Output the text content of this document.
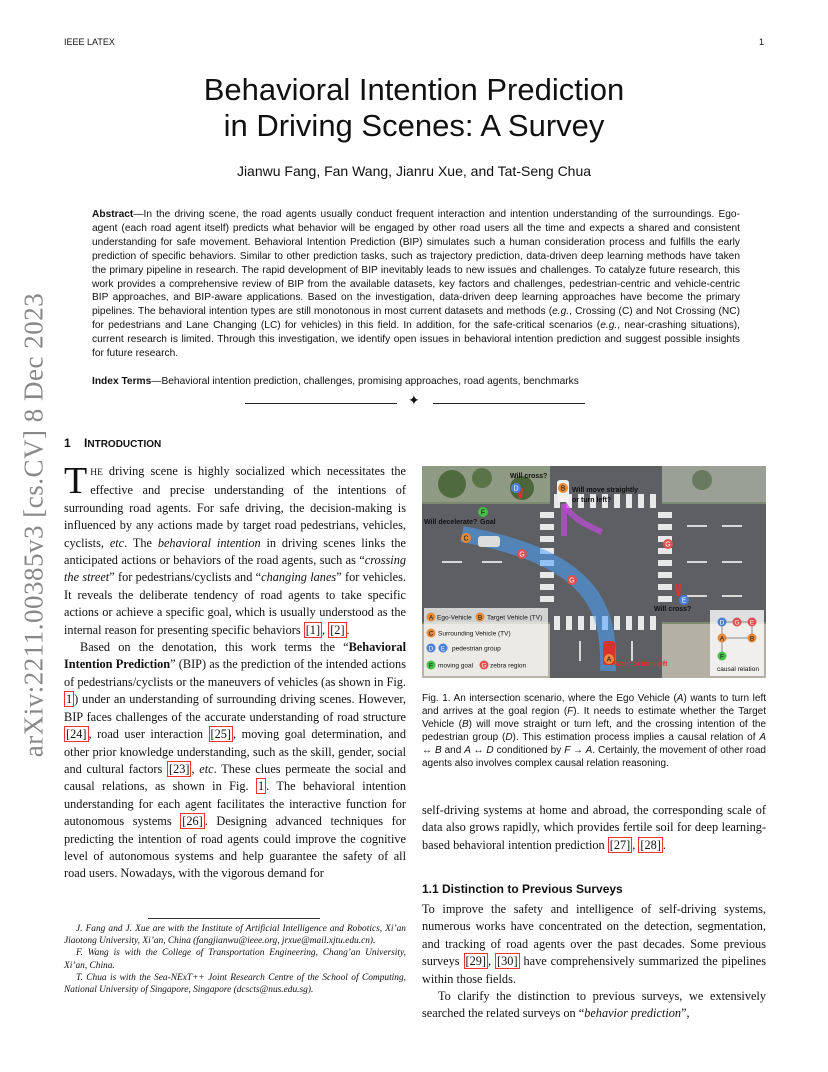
IEEE LATEX	1
arXiv:2211.00385v3 [cs.CV] 8 Dec 2023
Behavioral Intention Prediction
in Driving Scenes: A Survey
Jianwu Fang, Fan Wang, Jianru Xue, and Tat-Seng Chua
Abstract—In the driving scene, the road agents usually conduct frequent interaction and intention understanding of the surroundings. Ego-agent (each road agent itself) predicts what behavior will be engaged by other road users all the time and expects a shared and consistent understanding for safe movement. Behavioral Intention Prediction (BIP) simulates such a human consideration process and fulfills the early prediction of specific behaviors. Similar to other prediction tasks, such as trajectory prediction, data-driven deep learning methods have taken the primary pipeline in research. The rapid development of BIP inevitably leads to new issues and challenges. To catalyze future research, this work provides a comprehensive review of BIP from the available datasets, key factors and challenges, pedestrian-centric and vehicle-centric BIP approaches, and BIP-aware applications. Based on the investigation, data-driven deep learning approaches have become the primary pipelines. The behavioral intention types are still monotonous in most current datasets and methods (e.g., Crossing (C) and Not Crossing (NC) for pedestrians and Lane Changing (LC) for vehicles) in this field. In addition, for the safe-critical scenarios (e.g., near-crashing situations), current research is limited. Through this investigation, we identify open issues in behavioral intention prediction and suggest possible insights for future research.
Index Terms—Behavioral intention prediction, challenges, promising approaches, road agents, benchmarks
✦
1 INTRODUCTION

THE driving scene is highly socialized which necessitates the effective and precise understanding of the intentions of surrounding road agents. For safe driving, the decision-making is influenced by any actions made by target road pedestrians, vehicles, cyclists, etc. The behavioral intention in driving scenes links the anticipated actions or behaviors of the road agents, such as “crossing the street” for pedestrians/cyclists and “changing lanes” for vehicles. It reveals the deliberate tendency of road agents to take specific actions or achieve a specific goal, which is usually understood as the internal reason for presenting specific behaviors [1] , [2] .

Based on the denotation, this work terms the “Behavioral Intention Prediction” (BIP) as the prediction of the intended actions of pedestrians/cyclists or the maneuvers of vehicles (as shown in Fig. 1 ) under an understanding of surrounding driving scenes. However, BIP faces challenges of the accurate understanding of road structure [24] , road user interaction [25] , moving goal determination, and other prior knowledge understanding, such as the skill, gender, social and cultural factors [23] , etc. These clues permeate the social and causal relations, as shown in Fig. 1 . The behavioral intention understanding for each agent facilitates the interactive function for autonomous systems [26] . Designing advanced techniques for predicting the intention of road agents could improve the cognitive level of autonomous systems and help guarantee the safety of all road users. Nowadays, with the vigorous demand for

J. Fang and J. Xue are with the Institute of Artificial Intelligence and Robotics, Xi’an Jiaotong University, Xi’an, China (fangjianwu@ieee.org, jrxue@mail.xjtu.edu.cn).

F. Wang is with the College of Transportation Engineering, Chang’an University, Xi’an, China.

T. Chua is with the Sea-NExT++ Joint Research Centre of the School of Computing, National University of Singapore, Singapore (dcscts@nus.edu.sg).

Will cross?
Will move straightly
or turn left?
Will decelerate? Goal
Will cross?
Want to turn left
D	B
F
C
G
G
G
E
A
A Ego-Vehicle B Target Vehicle (TV)
C Surrounding Vehicle (TV)
D E pedestrian group
F moving goal G zebra region
D G E
A	B
F
causal relation
Fig. 1. An intersection scenario, where the Ego Vehicle (A) wants to turn left and arrives at the goal region (F). It needs to estimate whether the Target Vehicle (B) will move straight or turn left, and the crossing intention of the pedestrian group (D). This estimation process implies a causal relation of A ↔ B and A ↔ D conditioned by F → A. Certainly, the movement of other road agents also involves complex causal relation reasoning.
self-driving systems at home and abroad, the corresponding scale of data also grows rapidly, which provides fertile soil for deep learning-based behavioral intention prediction [27] , [28] .
1.1 Distinction to Previous Surveys

To improve the safety and intelligence of self-driving systems, numerous works have concentrated on the detection, segmentation, and tracking of road agents over the past decades. Some previous surveys [29] , [30] have comprehensively summarized the pipelines within those fields.

To clarify the distinction to previous surveys, we extensively searched the related surveys on “behavior prediction”,
